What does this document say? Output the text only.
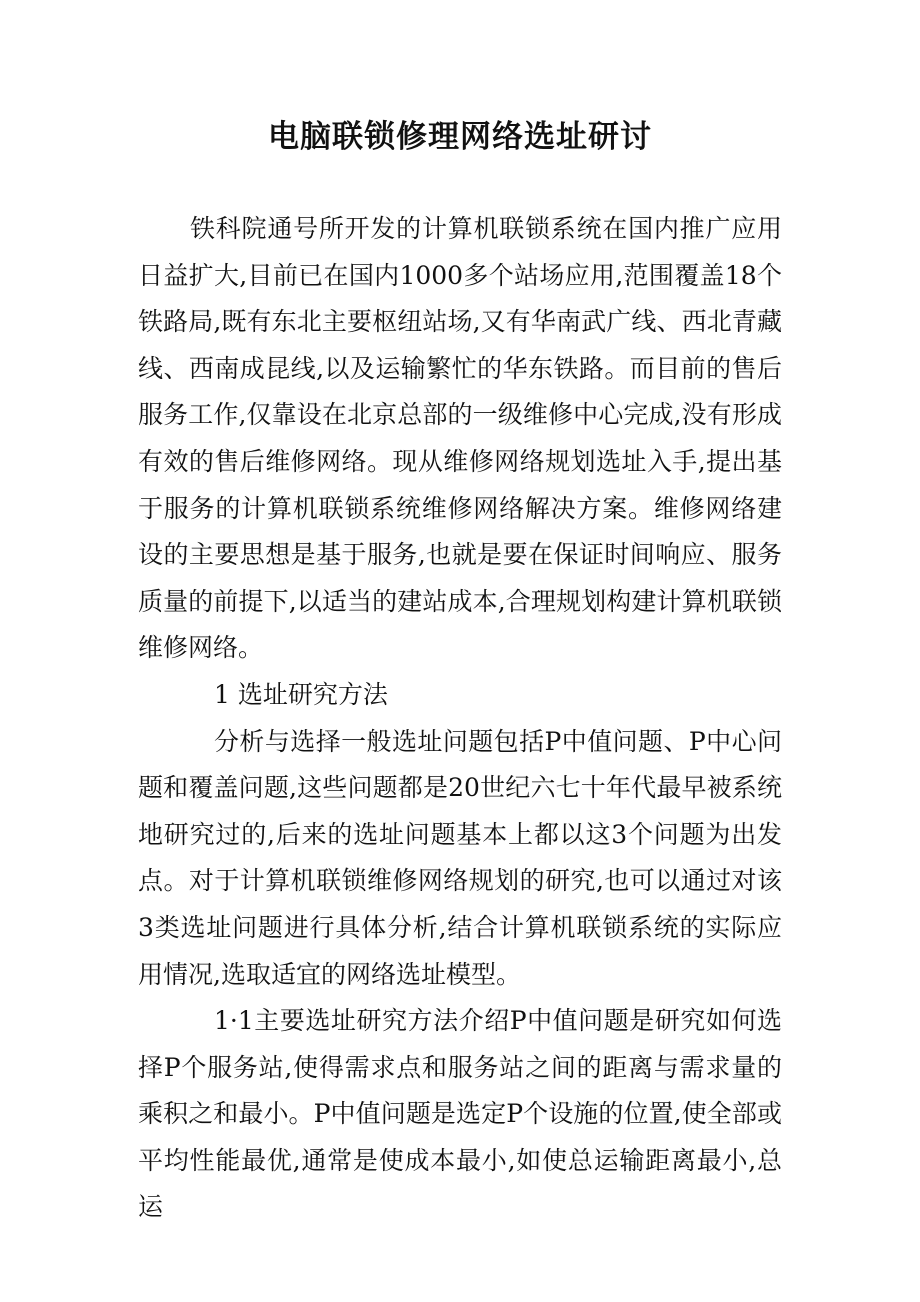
电脑联锁修理网络选址研讨

铁科院通号所开发的计算机联锁系统在国内推广应用日益扩大,目前已在国内1000多个站场应用,范围覆盖18个铁路局,既有东北主要枢纽站场,又有华南武广线、西北青藏线、西南成昆线,以及运输繁忙的华东铁路。而目前的售后服务工作,仅靠设在北京总部的一级维修中心完成,没有形成有效的售后维修网络。现从维修网络规划选址入手,提出基于服务的计算机联锁系统维修网络解决方案。维修网络建设的主要思想是基于服务,也就是要在保证时间响应、服务质量的前提下,以适当的建站成本,合理规划构建计算机联锁维修网络。

1 选址研究方法

分析与选择一般选址问题包括P中值问题、P中心问题和覆盖问题,这些问题都是20世纪六七十年代最早被系统地研究过的,后来的选址问题基本上都以这3个问题为出发点。对于计算机联锁维修网络规划的研究,也可以通过对该3类选址问题进行具体分析,结合计算机联锁系统的实际应用情况,选取适宜的网络选址模型。

1·1主要选址研究方法介绍P中值问题是研究如何选择P个服务站,使得需求点和服务站之间的距离与需求量的乘积之和最小。P中值问题是选定P个设施的位置,使全部或平均性能最优,通常是使成本最小,如使总运输距离最小,总运
